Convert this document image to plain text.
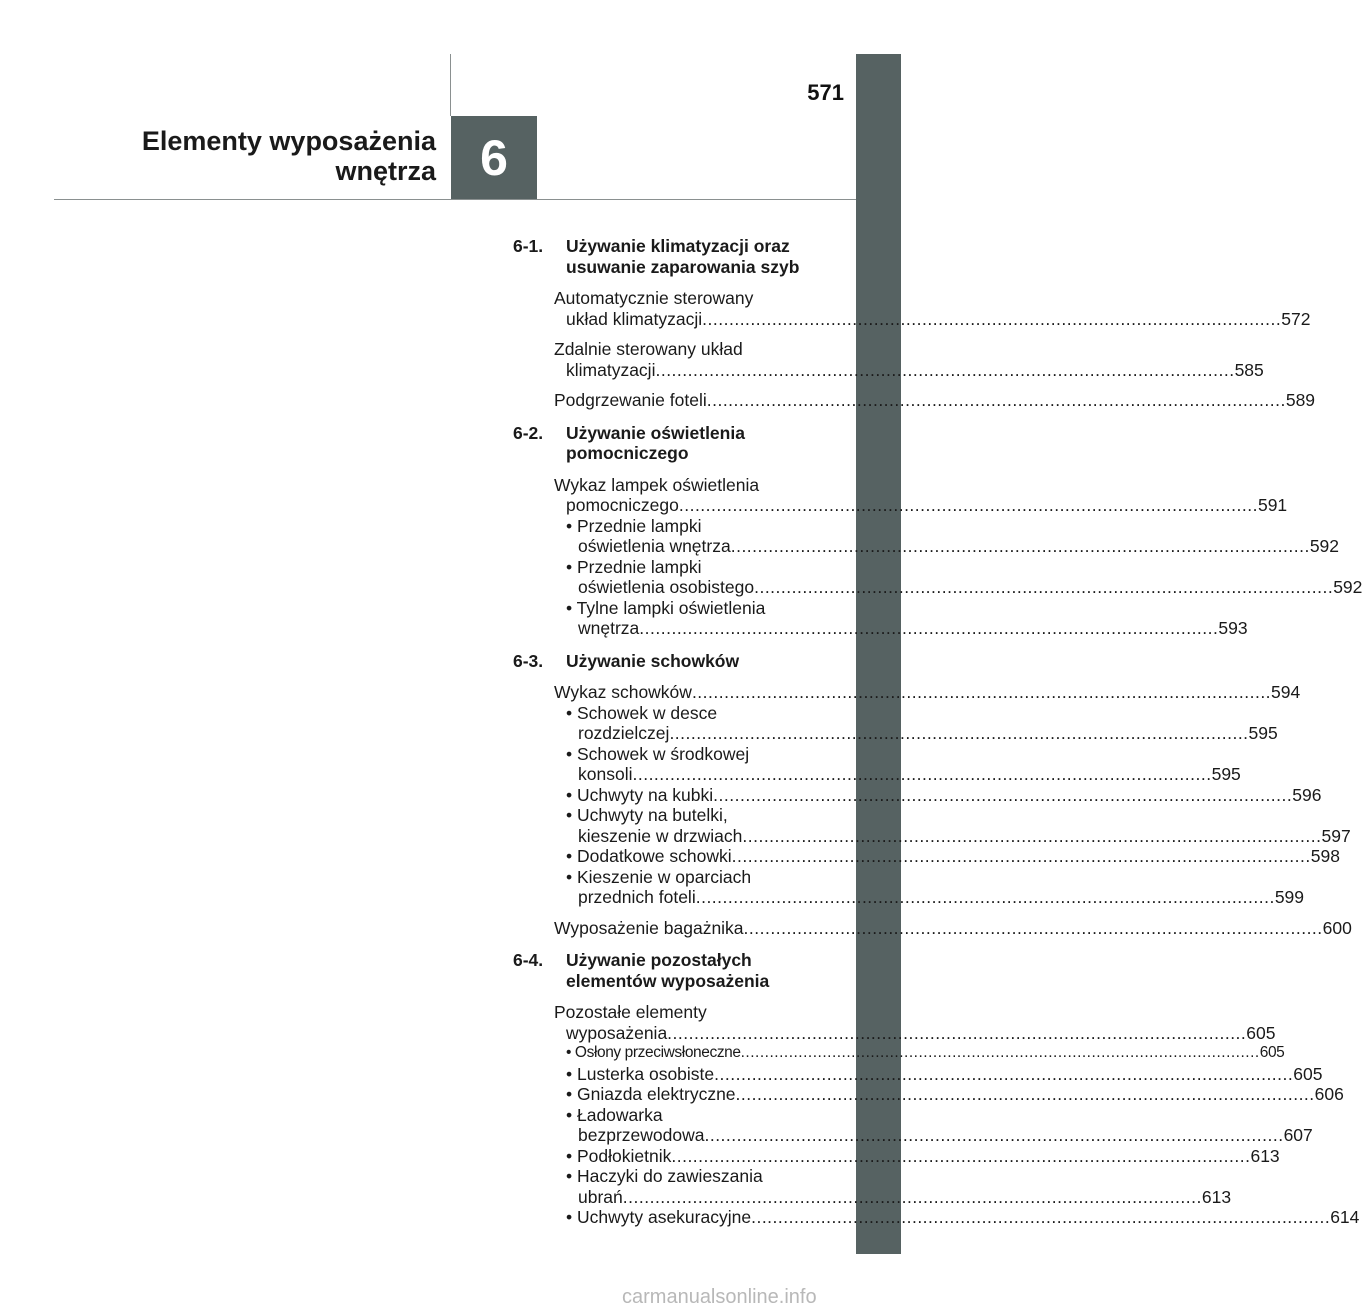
6
571
Elementy wyposażenia
wnętrza
6-1.	Używanie klimatyzacji oraz usuwanie zaparowania szyb
Automatycznie sterowany
układ klimatyzacji .....	572
Zdalnie sterowany układ
klimatyzacji .....	585
Podgrzewanie foteli .....	589
6-2.	Używanie oświetlenia pomocniczego
Wykaz lampek oświetlenia
pomocniczego .....	591
• Przednie lampki
oświetlenia wnętrza .....	592
• Przednie lampki
oświetlenia osobistego .....	592
• Tylne lampki oświetlenia
wnętrza .....	593
6-3.	Używanie schowków
Wykaz schowków .....	594
• Schowek w desce
rozdzielczej .....	595
• Schowek w środkowej
konsoli .....	595
• Uchwyty na kubki .....	596
• Uchwyty na butelki,
kieszenie w drzwiach .....	597
• Dodatkowe schowki .....	598
• Kieszenie w oparciach
przednich foteli .....	599
Wyposażenie bagażnika .....	600
6-4.	Używanie pozostałych elementów wyposażenia
Pozostałe elementy
wyposażenia .....	605
• Osłony przeciwsłoneczne .....	605
• Lusterka osobiste .....	605
• Gniazda elektryczne .....	606
• Ładowarka
bezprzewodowa .....	607
• Podłokietnik .....	613
• Haczyki do zawieszania
ubrań .....	613
• Uchwyty asekuracyjne .....	614
carmanualsonline.info
